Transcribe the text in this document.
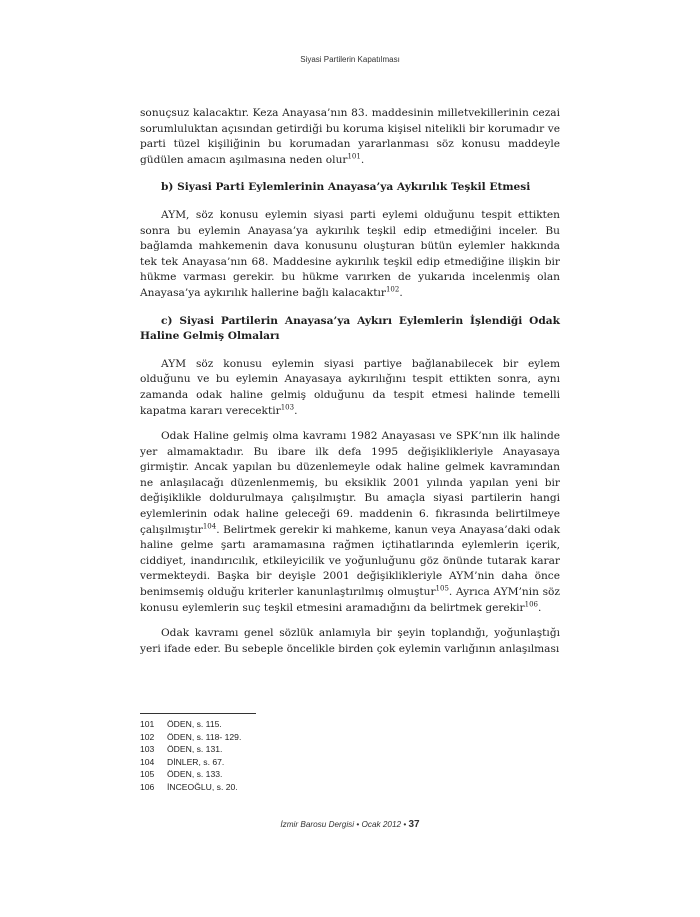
Siyasi Partilerin Kapatılması

sonuçsuz kalacaktır. Keza Anayasa’nın 83. maddesinin milletvekillerinin cezai sorumluluktan açısından getirdiği bu koruma kişisel nitelikli bir korumadır ve parti tüzel kişiliğinin bu korumadan yararlanması söz konusu maddeyle güdülen amacın aşılmasına neden olur$^{101}$.

b) Siyasi Parti Eylemlerinin Anayasa’ya Aykırılık Teşkil Etmesi

AYM, söz konusu eylemin siyasi parti eylemi olduğunu tespit ettikten sonra bu eylemin Anayasa’ya aykırılık teşkil edip etmediğini inceler. Bu bağlamda mahkemenin dava konusunu oluşturan bütün eylemler hakkında tek tek Anayasa’nın 68. Maddesine aykırılık teşkil edip etmediğine ilişkin bir hükme varması gerekir. bu hükme varırken de yukarıda incelenmiş olan Anayasa’ya aykırılık hallerine bağlı kalacaktır$^{102}$.

c) Siyasi Partilerin Anayasa’ya Aykırı Eylemlerin İşlendiği Odak Haline Gelmiş Olmaları

AYM söz konusu eylemin siyasi partiye bağlanabilecek bir eylem olduğunu ve bu eylemin Anayasaya aykırılığını tespit ettikten sonra, aynı zamanda odak haline gelmiş olduğunu da tespit etmesi halinde temelli kapatma kararı verecektir$^{103}$.

Odak Haline gelmiş olma kavramı 1982 Anayasası ve SPK’nın ilk halinde yer almamaktadır. Bu ibare ilk defa 1995 değişiklikleriyle Anayasaya girmiştir. Ancak yapılan bu düzenlemeyle odak haline gelmek kavramından ne anlaşılacağı düzenlenmemiş, bu eksiklik 2001 yılında yapılan yeni bir değişiklikle doldurulmaya çalışılmıştır. Bu amaçla siyasi partilerin hangi eylemlerinin odak haline geleceği 69. maddenin 6. fıkrasında belirtilmeye çalışılmıştır$^{104}$. Belirtmek gerekir ki mahkeme, kanun veya Anayasa’daki odak haline gelme şartı aramamasına rağmen içtihatlarında eylemlerin içerik, ciddiyet, inandırıcılık, etkileyicilik ve yoğunluğunu göz önünde tutarak karar vermekteydi. Başka bir deyişle 2001 değişiklikleriyle AYM’nin daha önce benimsemiş olduğu kriterler kanunlaştırılmış olmuştur$^{105}$. Ayrıca AYM’nin söz konusu eylemlerin suç teşkil etmesini aramadığını da belirtmek gerekir$^{106}$.

Odak kavramı genel sözlük anlamıyla bir şeyin toplandığı, yoğunlaştığı yeri ifade eder. Bu sebeple öncelikle birden çok eylemin varlığının anlaşılması

101	ÖDEN, s. 115.
102	ÖDEN, s. 118- 129.
103	ÖDEN, s. 131.
104	DİNLER, s. 67.
105	ÖDEN, s. 133.
106	İNCEOĞLU, s. 20.
İzmir Barosu Dergisi • Ocak 2012 • 37
